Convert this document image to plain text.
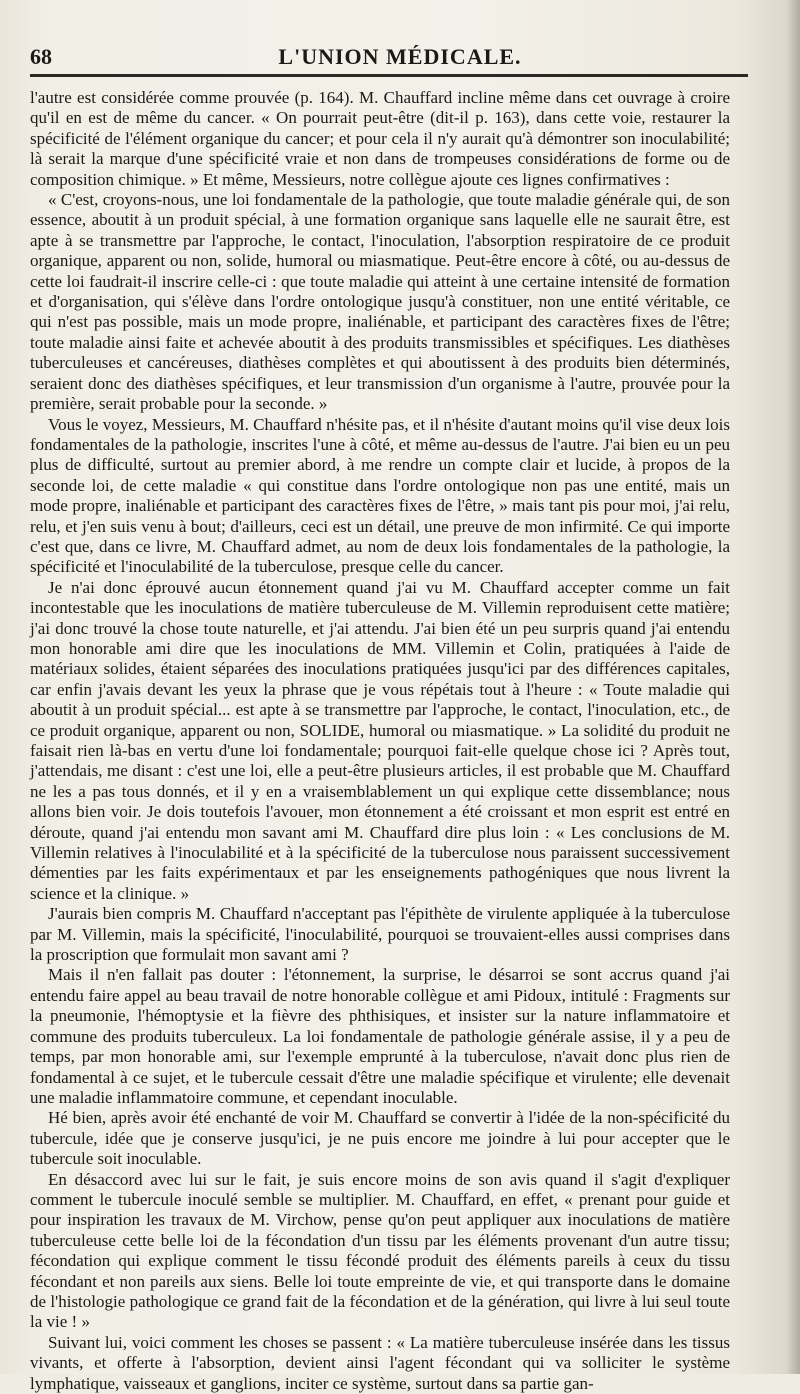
68	L'UNION MÉDICALE.

l'autre est considérée comme prouvée (p. 164). M. Chauffard incline même dans cet ouvrage à croire qu'il en est de même du cancer. « On pourrait peut-être (dit-il p. 163), dans cette voie, restaurer la spécificité de l'élément organique du cancer; et pour cela il n'y aurait qu'à démontrer son inoculabilité; là serait la marque d'une spécificité vraie et non dans de trompeuses considérations de forme ou de composition chimique. » Et même, Messieurs, notre collègue ajoute ces lignes confirmatives :

« C'est, croyons-nous, une loi fondamentale de la pathologie, que toute maladie générale qui, de son essence, aboutit à un produit spécial, à une formation organique sans laquelle elle ne saurait être, est apte à se transmettre par l'approche, le contact, l'inoculation, l'absorption respiratoire de ce produit organique, apparent ou non, solide, humoral ou miasmatique. Peut-être encore à côté, ou au-dessus de cette loi faudrait-il inscrire celle-ci : que toute maladie qui atteint à une certaine intensité de formation et d'organisation, qui s'élève dans l'ordre ontologique jusqu'à constituer, non une entité véritable, ce qui n'est pas possible, mais un mode propre, inaliénable, et participant des caractères fixes de l'être; toute maladie ainsi faite et achevée aboutit à des produits transmissibles et spécifiques. Les diathèses tuberculeuses et cancéreuses, diathèses complètes et qui aboutissent à des produits bien déterminés, seraient donc des diathèses spécifiques, et leur transmission d'un organisme à l'autre, prouvée pour la première, serait probable pour la seconde. »

Vous le voyez, Messieurs, M. Chauffard n'hésite pas, et il n'hésite d'autant moins qu'il vise deux lois fondamentales de la pathologie, inscrites l'une à côté, et même au-dessus de l'autre. J'ai bien eu un peu plus de difficulté, surtout au premier abord, à me rendre un compte clair et lucide, à propos de la seconde loi, de cette maladie « qui constitue dans l'ordre ontologique non pas une entité, mais un mode propre, inaliénable et participant des caractères fixes de l'être, » mais tant pis pour moi, j'ai relu, relu, et j'en suis venu à bout; d'ailleurs, ceci est un détail, une preuve de mon infirmité. Ce qui importe c'est que, dans ce livre, M. Chauffard admet, au nom de deux lois fondamentales de la pathologie, la spécificité et l'inoculabilité de la tuberculose, presque celle du cancer.

Je n'ai donc éprouvé aucun étonnement quand j'ai vu M. Chauffard accepter comme un fait incontestable que les inoculations de matière tuberculeuse de M. Villemin reproduisent cette matière; j'ai donc trouvé la chose toute naturelle, et j'ai attendu. J'ai bien été un peu surpris quand j'ai entendu mon honorable ami dire que les inoculations de MM. Villemin et Colin, pratiquées à l'aide de matériaux solides, étaient séparées des inoculations pratiquées jusqu'ici par des différences capitales, car enfin j'avais devant les yeux la phrase que je vous répétais tout à l'heure : « Toute maladie qui aboutit à un produit spécial... est apte à se transmettre par l'approche, le contact, l'inoculation, etc., de ce produit organique, apparent ou non, SOLIDE, humoral ou miasmatique. » La solidité du produit ne faisait rien là-bas en vertu d'une loi fondamentale; pourquoi fait-elle quelque chose ici ? Après tout, j'attendais, me disant : c'est une loi, elle a peut-être plusieurs articles, il est probable que M. Chauffard ne les a pas tous donnés, et il y en a vraisemblablement un qui explique cette dissemblance; nous allons bien voir. Je dois toutefois l'avouer, mon étonnement a été croissant et mon esprit est entré en déroute, quand j'ai entendu mon savant ami M. Chauffard dire plus loin : « Les conclusions de M. Villemin relatives à l'inoculabilité et à la spécificité de la tuberculose nous paraissent successivement démenties par les faits expérimentaux et par les enseignements pathogéniques que nous livrent la science et la clinique. »

J'aurais bien compris M. Chauffard n'acceptant pas l'épithète de virulente appliquée à la tuberculose par M. Villemin, mais la spécificité, l'inoculabilité, pourquoi se trouvaient-elles aussi comprises dans la proscription que formulait mon savant ami ?

Mais il n'en fallait pas douter : l'étonnement, la surprise, le désarroi se sont accrus quand j'ai entendu faire appel au beau travail de notre honorable collègue et ami Pidoux, intitulé : Fragments sur la pneumonie, l'hémoptysie et la fièvre des phthisiques, et insister sur la nature inflammatoire et commune des produits tuberculeux. La loi fondamentale de pathologie générale assise, il y a peu de temps, par mon honorable ami, sur l'exemple emprunté à la tuberculose, n'avait donc plus rien de fondamental à ce sujet, et le tubercule cessait d'être une maladie spécifique et virulente; elle devenait une maladie inflammatoire commune, et cependant inoculable.

Hé bien, après avoir été enchanté de voir M. Chauffard se convertir à l'idée de la non-spécificité du tubercule, idée que je conserve jusqu'ici, je ne puis encore me joindre à lui pour accepter que le tubercule soit inoculable.

En désaccord avec lui sur le fait, je suis encore moins de son avis quand il s'agit d'expliquer comment le tubercule inoculé semble se multiplier. M. Chauffard, en effet, « prenant pour guide et pour inspiration les travaux de M. Virchow, pense qu'on peut appliquer aux inoculations de matière tuberculeuse cette belle loi de la fécondation d'un tissu par les éléments provenant d'un autre tissu; fécondation qui explique comment le tissu fécondé produit des éléments pareils à ceux du tissu fécondant et non pareils aux siens. Belle loi toute empreinte de vie, et qui transporte dans le domaine de l'histologie pathologique ce grand fait de la fécondation et de la génération, qui livre à lui seul toute la vie ! »

Suivant lui, voici comment les choses se passent : « La matière tuberculeuse insérée dans les tissus vivants, et offerte à l'absorption, devient ainsi l'agent fécondant qui va solliciter le système lymphatique, vaisseaux et ganglions, inciter ce système, surtout dans sa partie gan-
